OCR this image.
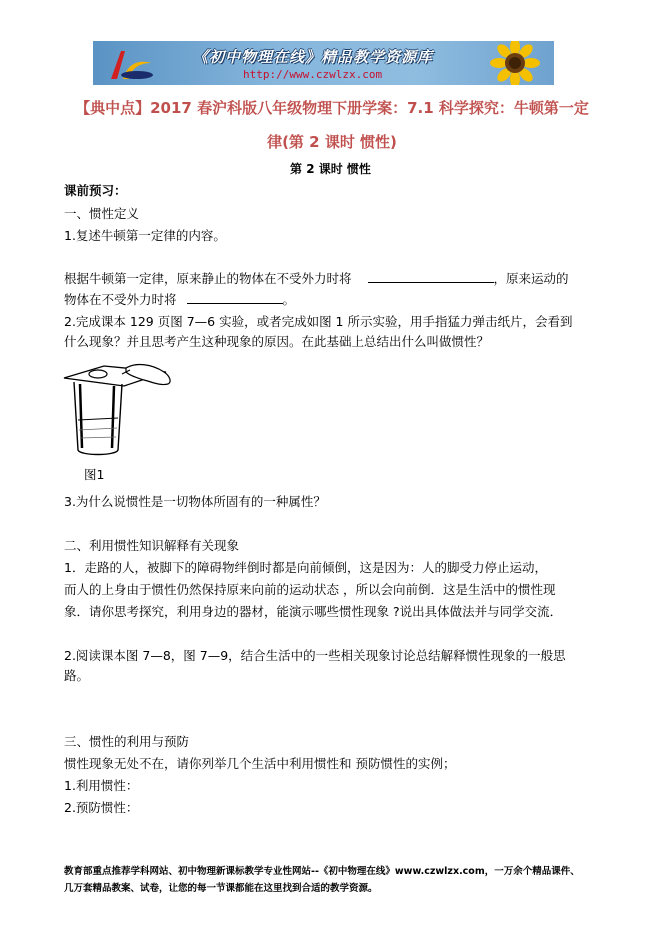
《初中物理在线》精品教学资源库
http://www.czwlzx.com
【典中点】2017 春沪科版八年级物理下册学案：7.1 科学探究：牛顿第一定
律(第 2 课时 惯性)
第 2 课时 惯性
课前预习：
一、惯性定义
1.复述牛顿第一定律的内容。
根据牛顿第一定律，原来静止的物体在不受外力时将	，原来运动的
物体在不受外力时将	。
2.完成课本 129 页图 7—6 实验，或者完成如图 1 所示实验，用手指猛力弹击纸片，会看到
什么现象？并且思考产生这种现象的原因。在此基础上总结出什么叫做惯性？
图1
3.为什么说惯性是一切物体所固有的一种属性？
二、利用惯性知识解释有关现象
1．走路的人，被脚下的障碍物绊倒时都是向前倾倒，这是因为：人的脚受力停止运动，
而人的上身由于惯性仍然保持原来向前的运动状态 ，所以会向前倒．这是生活中的惯性现
象．请你思考探究，利用身边的器材，能演示哪些惯性现象 ?说出具体做法并与同学交流．
2.阅读课本图 7—8，图 7—9，结合生活中的一些相关现象讨论总结解释惯性现象的一般思
路。
三、惯性的利用与预防
惯性现象无处不在，请你列举几个生活中利用惯性和 预防惯性的实例；
1.利用惯性：
2.预防惯性：
教育部重点推荐学科网站、初中物理新课标教学专业性网站--《初中物理在线》www.czwlzx.com，一万余个精品课件、
几万套精品教案、试卷，让您的每一节课都能在这里找到合适的教学资源。
